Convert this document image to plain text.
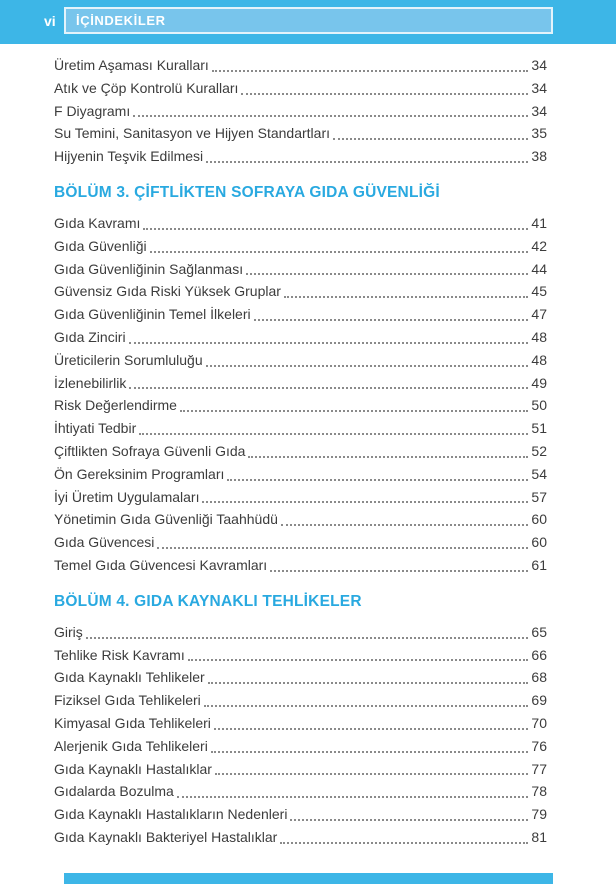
vi İÇİNDEKİLER
Üretim Aşaması Kuralları	34
Atık ve Çöp Kontrolü Kuralları	34
F Diyagramı	34
Su Temini, Sanitasyon ve Hijyen Standartları	35
Hijyenin Teşvik Edilmesi	38
BÖLÜM 3. ÇİFTLİKTEN SOFRAYA GIDA GÜVENLİĞİ
Gıda Kavramı	41
Gıda Güvenliği	42
Gıda Güvenliğinin Sağlanması	44
Güvensiz Gıda Riski Yüksek Gruplar	45
Gıda Güvenliğinin Temel İlkeleri	47
Gıda Zinciri	48
Üreticilerin Sorumluluğu	48
İzlenebilirlik	49
Risk Değerlendirme	50
İhtiyati Tedbir	51
Çiftlikten Sofraya Güvenli Gıda	52
Ön Gereksinim Programları	54
İyi Üretim Uygulamaları	57
Yönetimin Gıda Güvenliği Taahhüdü	60
Gıda Güvencesi	60
Temel Gıda Güvencesi Kavramları	61
BÖLÜM 4. GIDA KAYNAKLI TEHLİKELER
Giriş	65
Tehlike Risk Kavramı	66
Gıda Kaynaklı Tehlikeler	68
Fiziksel Gıda Tehlikeleri	69
Kimyasal Gıda Tehlikeleri	70
Alerjenik Gıda Tehlikeleri	76
Gıda Kaynaklı Hastalıklar	77
Gıdalarda Bozulma	78
Gıda Kaynaklı Hastalıkların Nedenleri	79
Gıda Kaynaklı Bakteriyel Hastalıklar	81
